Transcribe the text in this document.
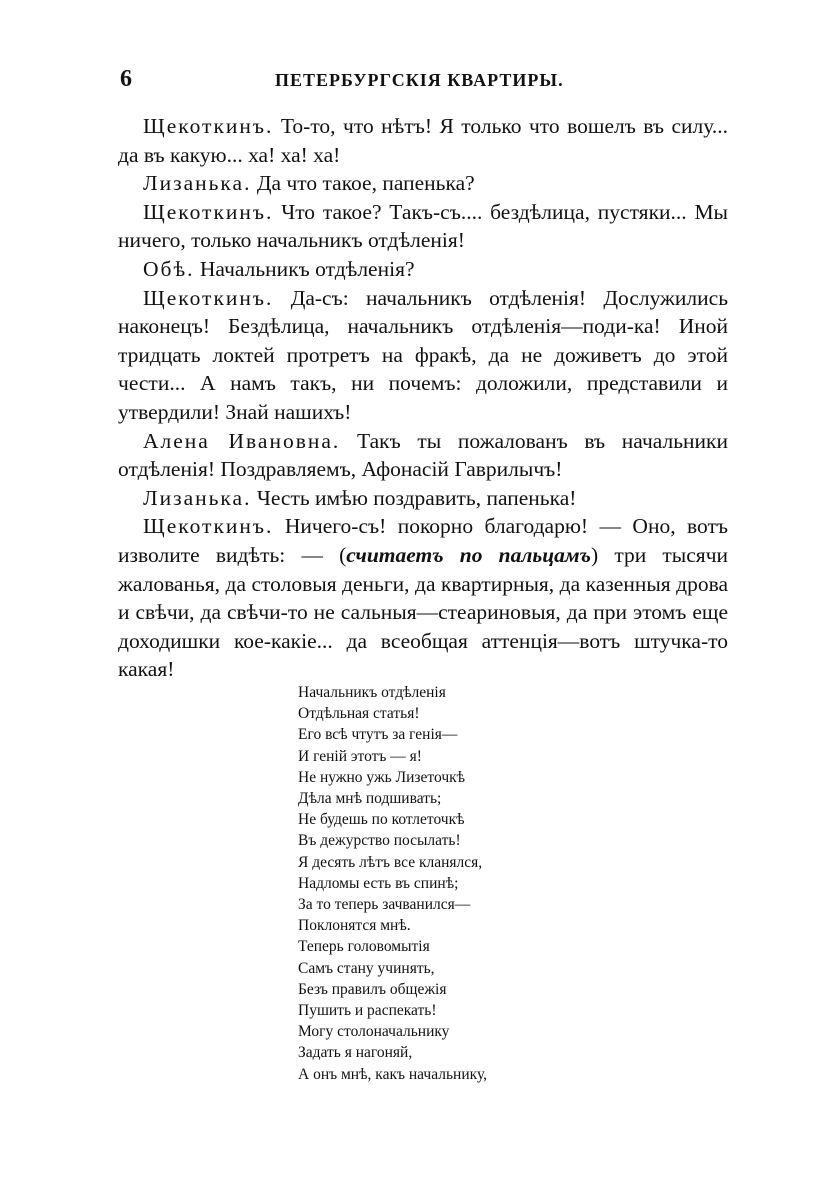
6	ПЕТЕРБУРГСКІЯ КВАРТИРЫ.

Щекоткинъ. То-то, что нѣтъ! Я только что вошелъ въ силу... да въ какую... ха! ха! ха!

Лизанька. Да что такое, папенька?

Щекоткинъ. Что такое? Такъ-съ.... бездѣлица, пустяки... Мы ничего, только начальникъ отдѣленія!

Обѣ. Начальникъ отдѣленія?

Щекоткинъ. Да-съ: начальникъ отдѣленія! Дослужились наконецъ! Бездѣлица, начальникъ отдѣленія—поди-ка! Иной тридцать локтей протретъ на фракѣ, да не доживетъ до этой чести... А намъ такъ, ни почемъ: доложили, представили и утвердили! Знай нашихъ!

Алена Ивановна. Такъ ты пожалованъ въ начальники отдѣленія! Поздравляемъ, Афонасій Гаврилычъ!

Лизанька. Честь имѣю поздравить, папенька!

Щекоткинъ. Ничего-съ! покорно благодарю! — Оно, вотъ изволите видѣть: — (считаетъ по пальцамъ) три тысячи жалованья, да столовыя деньги, да квартирныя, да казенныя дрова и свѣчи, да свѣчи-то не сальныя—стеариновыя, да при этомъ еще доходишки кое-какіе... да всеобщая аттенція—вотъ штучка-то какая!

Начальникъ отдѣленія
Отдѣльная статья!
Его всѣ чтутъ за генія—
И геній этотъ — я!
Не нужно ужь Лизеточкѣ
Дѣла мнѣ подшивать;
Не будешь по котлеточкѣ
Въ дежурство посылать!
Я десять лѣтъ все кланялся,
Надломы есть въ спинѣ;
За то теперь зачванился—
Поклонятся мнѣ.
Теперь головомытія
Самъ стану учинять,
Безъ правилъ общежія
Пушить и распекать!
Могу столоначальнику
Задать я нагоняй,
А онъ мнѣ, какъ начальнику,
